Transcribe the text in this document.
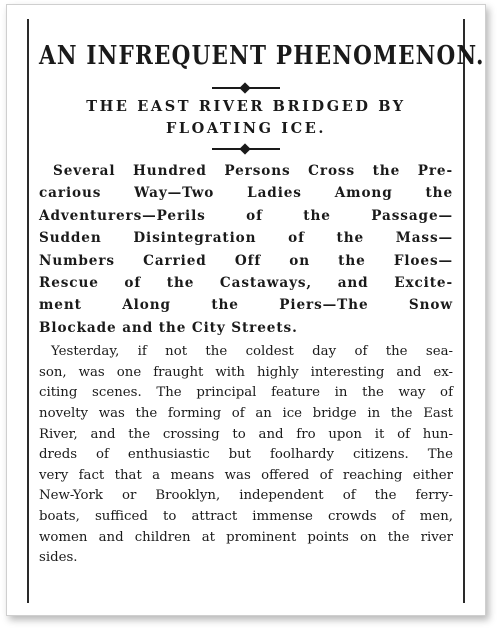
AN INFREQUENT PHENOMENON.
THE EAST RIVER BRIDGED BY
FLOATING ICE.
Several Hundred Persons Cross the Pre-
carious Way—Two Ladies Among the
Adventurers—Perils of the Passage—
Sudden Disintegration of the Mass—
Numbers Carried Off on the Floes—
Rescue of the Castaways, and Excite-
ment Along the Piers—The Snow
Blockade and the City Streets.
Yesterday, if not the coldest day of the sea-
son, was one fraught with highly interesting and ex-
citing scenes. The principal feature in the way of
novelty was the forming of an ice bridge in the East
River, and the crossing to and fro upon it of hun-
dreds of enthusiastic but foolhardy citizens. The
very fact that a means was offered of reaching either
New-York or Brooklyn, independent of the ferry-
boats, sufficed to attract immense crowds of men,
women and children at prominent points on the river
sides.
